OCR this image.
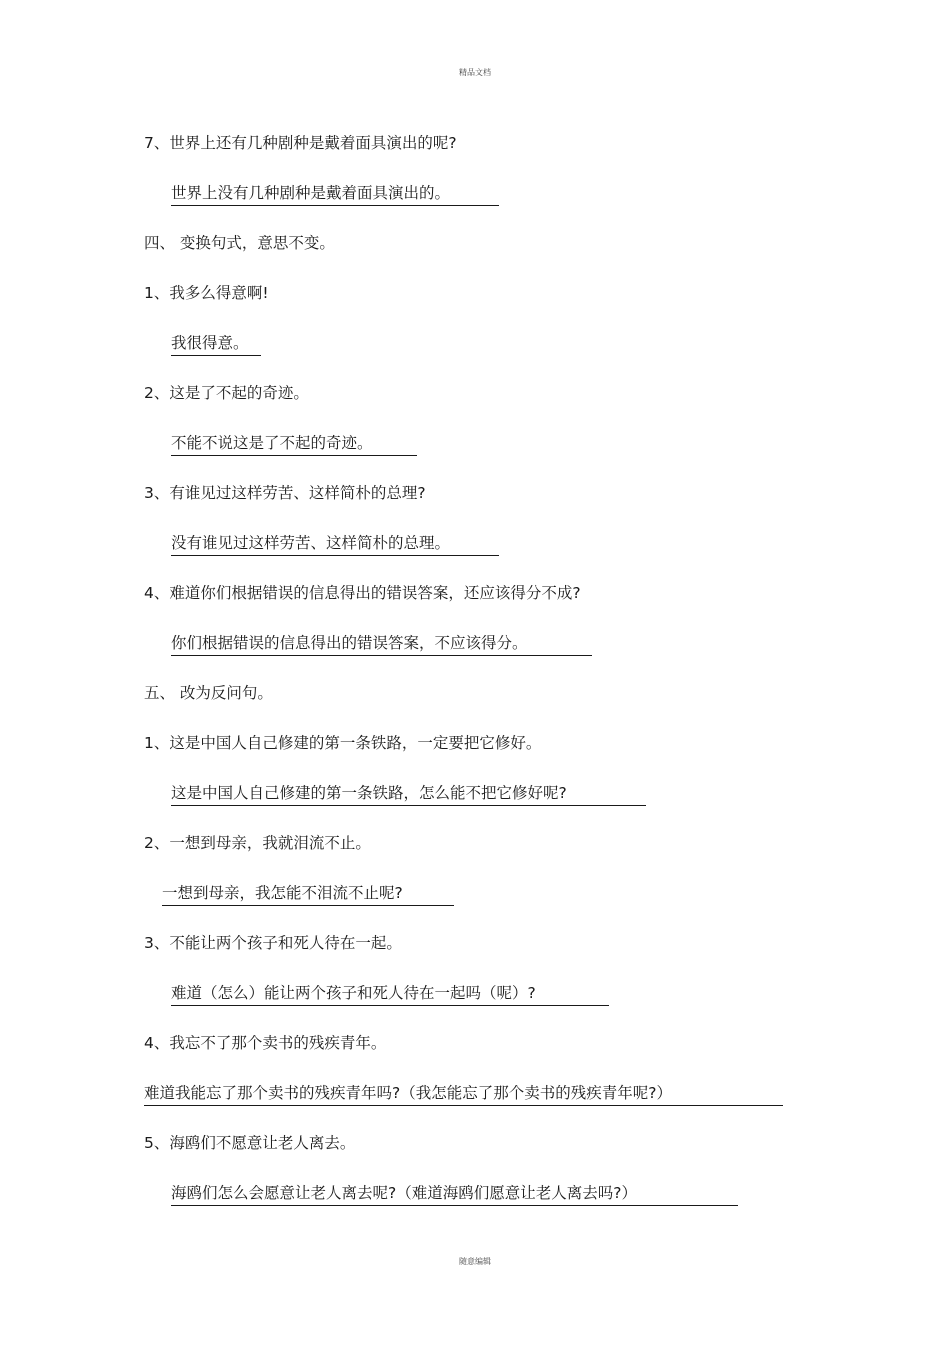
精品文档
7、世界上还有几种剧种是戴着面具演出的呢?
世界上没有几种剧种是戴着面具演出的。
四、 变换句式，意思不变。
1、我多么得意啊!
我很得意。
2、这是了不起的奇迹。
不能不说这是了不起的奇迹。
3、有谁见过这样劳苦、这样简朴的总理?
没有谁见过这样劳苦、这样简朴的总理。
4、难道你们根据错误的信息得出的错误答案，还应该得分不成?
你们根据错误的信息得出的错误答案，不应该得分。
五、 改为反问句。
1、这是中国人自己修建的第一条铁路，一定要把它修好。
这是中国人自己修建的第一条铁路，怎么能不把它修好呢?
2、一想到母亲，我就泪流不止。
一想到母亲，我怎能不泪流不止呢?
3、不能让两个孩子和死人待在一起。
难道（怎么）能让两个孩子和死人待在一起吗（呢）?
4、我忘不了那个卖书的残疾青年。
难道我能忘了那个卖书的残疾青年吗?（我怎能忘了那个卖书的残疾青年呢?）
5、海鸥们不愿意让老人离去。
海鸥们怎么会愿意让老人离去呢?（难道海鸥们愿意让老人离去吗?）
随意编辑
